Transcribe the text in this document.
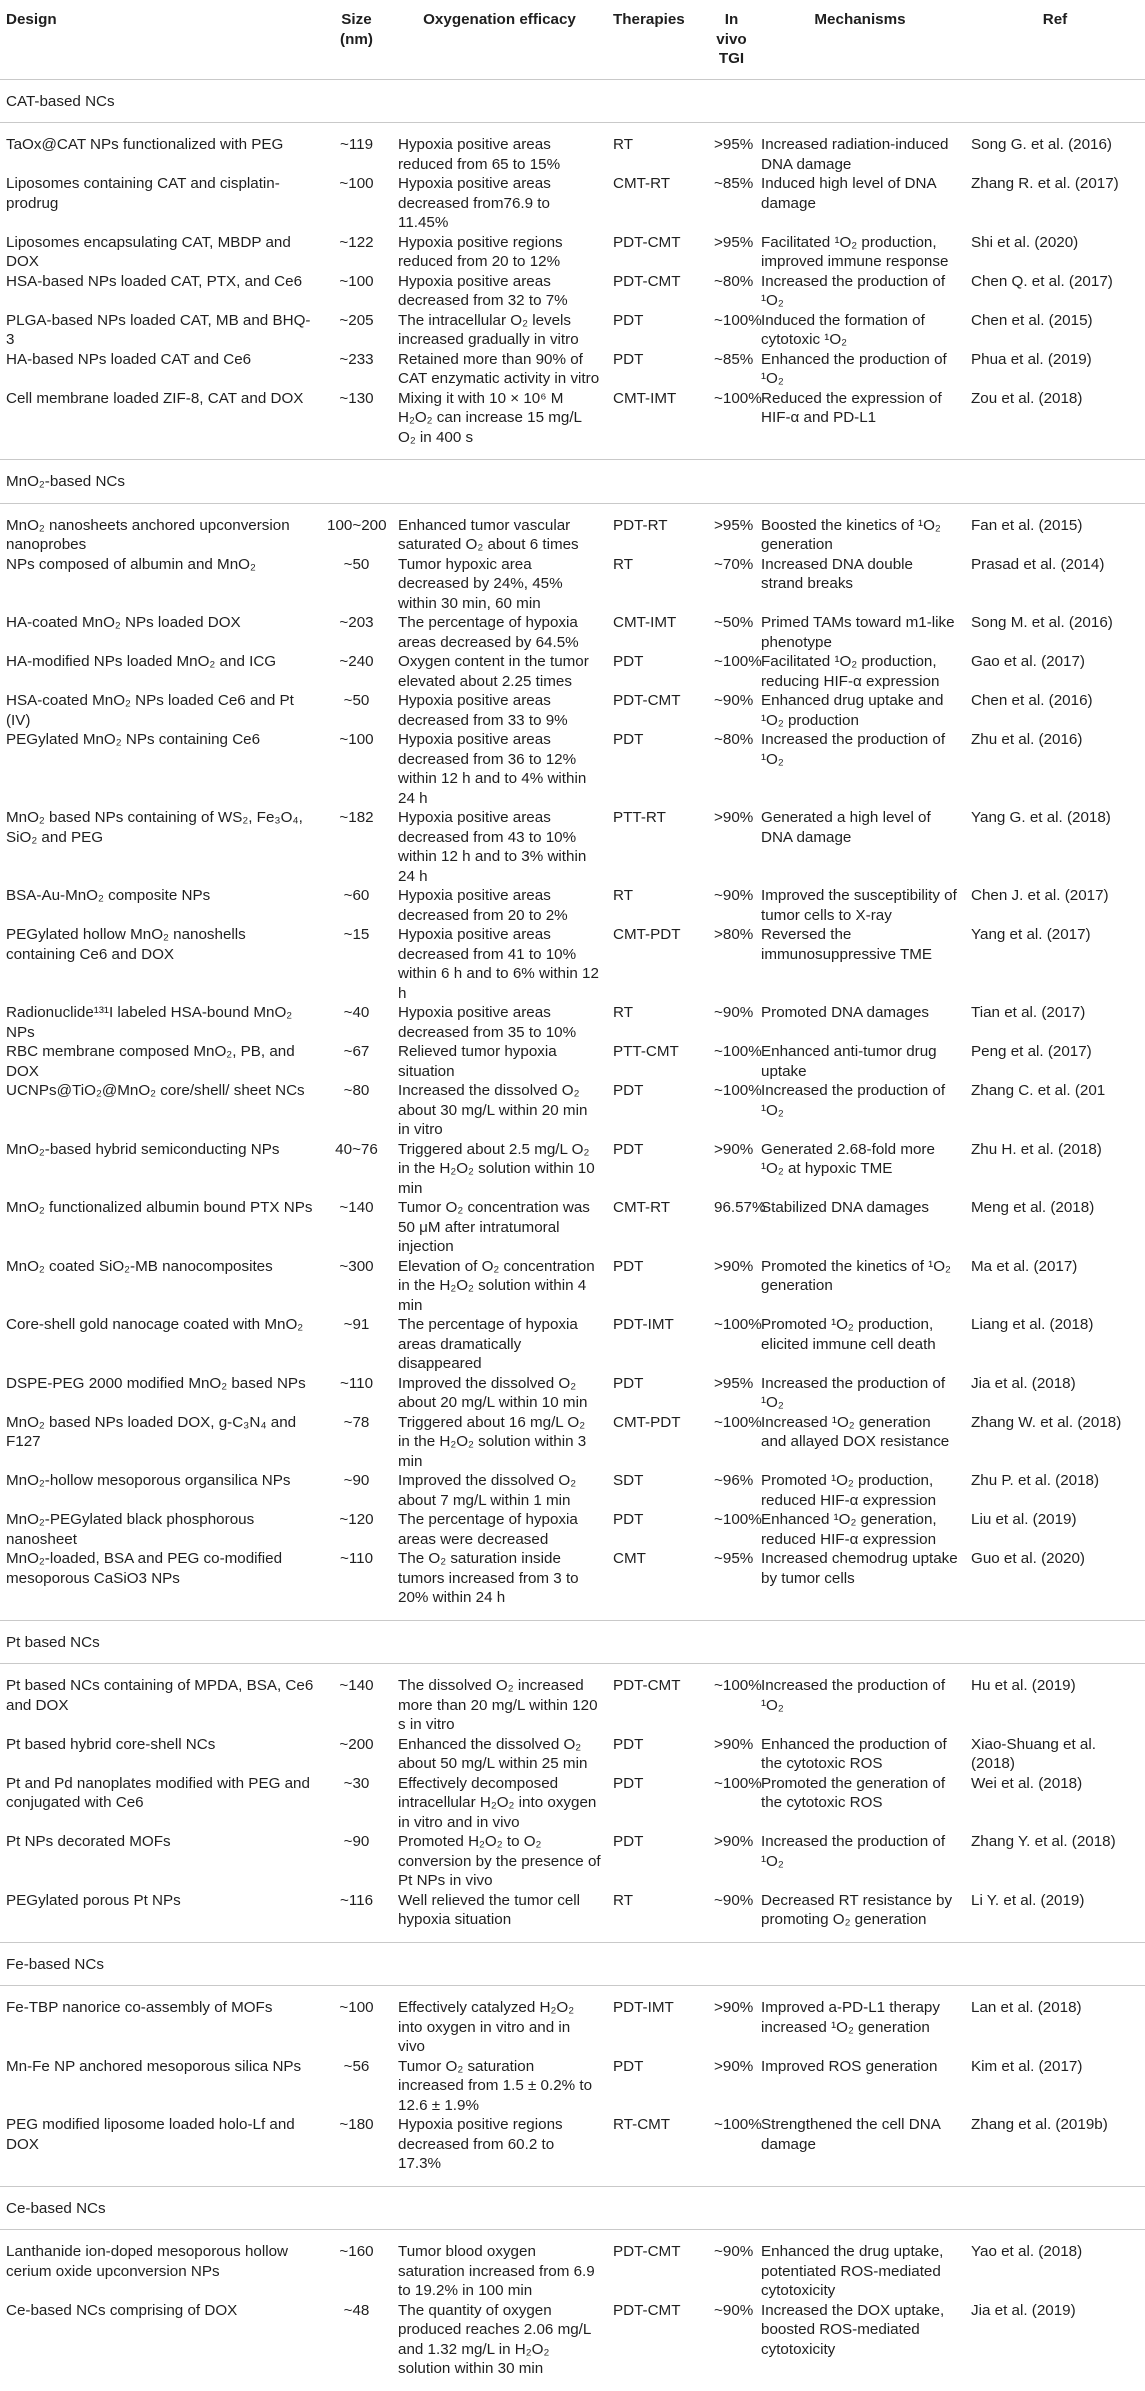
Design	Size (nm)	Oxygenation efficacy	Therapies	In vivo TGI	Mechanisms	Ref
CAT-based NCs						
TaOx@CAT NPs functionalized with PEG	~119	Hypoxia positive areas reduced from 65 to 15%	RT	>95%	Increased radiation-induced DNA damage	Song G. et al. (2016)
Liposomes containing CAT and cisplatin-prodrug	~100	Hypoxia positive areas decreased from76.9 to 11.45%	CMT-RT	~85%	Induced high level of DNA damage	Zhang R. et al. (2017)
Liposomes encapsulating CAT, MBDP and DOX	~122	Hypoxia positive regions reduced from 20 to 12%	PDT-CMT	>95%	Facilitated ¹O₂ production, improved immune response	Shi et al. (2020)
HSA-based NPs loaded CAT, PTX, and Ce6	~100	Hypoxia positive areas decreased from 32 to 7%	PDT-CMT	~80%	Increased the production of ¹O₂	Chen Q. et al. (2017)
PLGA-based NPs loaded CAT, MB and BHQ-3	~205	The intracellular O₂ levels increased gradually in vitro	PDT	~100%	Induced the formation of cytotoxic ¹O₂	Chen et al. (2015)
HA-based NPs loaded CAT and Ce6	~233	Retained more than 90% of CAT enzymatic activity in vitro	PDT	~85%	Enhanced the production of ¹O₂	Phua et al. (2019)
Cell membrane loaded ZIF-8, CAT and DOX	~130	Mixing it with 10 × 10⁶ M H₂O₂ can increase 15 mg/L O₂ in 400 s	CMT-IMT	~100%	Reduced the expression of HIF-α and PD-L1	Zou et al. (2018)
MnO₂-based NCs						
MnO₂ nanosheets anchored upconversion nanoprobes	100~200	Enhanced tumor vascular saturated O₂ about 6 times	PDT-RT	>95%	Boosted the kinetics of ¹O₂ generation	Fan et al. (2015)
NPs composed of albumin and MnO₂	~50	Tumor hypoxic area decreased by 24%, 45% within 30 min, 60 min	RT	~70%	Increased DNA double strand breaks	Prasad et al. (2014)
HA-coated MnO₂ NPs loaded DOX	~203	The percentage of hypoxia areas decreased by 64.5%	CMT-IMT	~50%	Primed TAMs toward m1-like phenotype	Song M. et al. (2016)
HA-modified NPs loaded MnO₂ and ICG	~240	Oxygen content in the tumor elevated about 2.25 times	PDT	~100%	Facilitated ¹O₂ production, reducing HIF-α expression	Gao et al. (2017)
HSA-coated MnO₂ NPs loaded Ce6 and Pt (IV)	~50	Hypoxia positive areas decreased from 33 to 9%	PDT-CMT	~90%	Enhanced drug uptake and ¹O₂ production	Chen et al. (2016)
PEGylated MnO₂ NPs containing Ce6	~100	Hypoxia positive areas decreased from 36 to 12% within 12 h and to 4% within 24 h	PDT	~80%	Increased the production of ¹O₂	Zhu et al. (2016)
MnO₂ based NPs containing of WS₂, Fe₃O₄, SiO₂ and PEG	~182	Hypoxia positive areas decreased from 43 to 10% within 12 h and to 3% within 24 h	PTT-RT	>90%	Generated a high level of DNA damage	Yang G. et al. (2018)
BSA-Au-MnO₂ composite NPs	~60	Hypoxia positive areas decreased from 20 to 2%	RT	~90%	Improved the susceptibility of tumor cells to X-ray	Chen J. et al. (2017)
PEGylated hollow MnO₂ nanoshells containing Ce6 and DOX	~15	Hypoxia positive areas decreased from 41 to 10% within 6 h and to 6% within 12 h	CMT-PDT	>80%	Reversed the immunosuppressive TME	Yang et al. (2017)
Radionuclide¹³¹I labeled HSA-bound MnO₂ NPs	~40	Hypoxia positive areas decreased from 35 to 10%	RT	~90%	Promoted DNA damages	Tian et al. (2017)
RBC membrane composed MnO₂, PB, and DOX	~67	Relieved tumor hypoxia situation	PTT-CMT	~100%	Enhanced anti-tumor drug uptake	Peng et al. (2017)
UCNPs@TiO₂@MnO₂ core/shell/ sheet NCs	~80	Increased the dissolved O₂ about 30 mg/L within 20 min in vitro	PDT	~100%	Increased the production of ¹O₂	Zhang C. et al. (201
MnO₂-based hybrid semiconducting NPs	40~76	Triggered about 2.5 mg/L O₂ in the H₂O₂ solution within 10 min	PDT	>90%	Generated 2.68-fold more ¹O₂ at hypoxic TME	Zhu H. et al. (2018)
MnO₂ functionalized albumin bound PTX NPs	~140	Tumor O₂ concentration was 50 μM after intratumoral injection	CMT-RT	96.57%	Stabilized DNA damages	Meng et al. (2018)
MnO₂ coated SiO₂-MB nanocomposites	~300	Elevation of O₂ concentration in the H₂O₂ solution within 4 min	PDT	>90%	Promoted the kinetics of ¹O₂ generation	Ma et al. (2017)
Core-shell gold nanocage coated with MnO₂	~91	The percentage of hypoxia areas dramatically disappeared	PDT-IMT	~100%	Promoted ¹O₂ production, elicited immune cell death	Liang et al. (2018)
DSPE-PEG 2000 modified MnO₂ based NPs	~110	Improved the dissolved O₂ about 20 mg/L within 10 min	PDT	>95%	Increased the production of ¹O₂	Jia et al. (2018)
MnO₂ based NPs loaded DOX, g-C₃N₄ and F127	~78	Triggered about 16 mg/L O₂ in the H₂O₂ solution within 3 min	CMT-PDT	~100%	Increased ¹O₂ generation and allayed DOX resistance	Zhang W. et al. (2018)
MnO₂-hollow mesoporous organsilica NPs	~90	Improved the dissolved O₂ about 7 mg/L within 1 min	SDT	~96%	Promoted ¹O₂ production, reduced HIF-α expression	Zhu P. et al. (2018)
MnO₂-PEGylated black phosphorous nanosheet	~120	The percentage of hypoxia areas were decreased	PDT	~100%	Enhanced ¹O₂ generation, reduced HIF-α expression	Liu et al. (2019)
MnO₂-loaded, BSA and PEG co-modified mesoporous CaSiO3 NPs	~110	The O₂ saturation inside tumors increased from 3 to 20% within 24 h	CMT	~95%	Increased chemodrug uptake by tumor cells	Guo et al. (2020)
Pt based NCs						
Pt based NCs containing of MPDA, BSA, Ce6 and DOX	~140	The dissolved O₂ increased more than 20 mg/L within 120 s in vitro	PDT-CMT	~100%	Increased the production of ¹O₂	Hu et al. (2019)
Pt based hybrid core-shell NCs	~200	Enhanced the dissolved O₂ about 50 mg/L within 25 min	PDT	>90%	Enhanced the production of the cytotoxic ROS	Xiao-Shuang et al. (2018)
Pt and Pd nanoplates modified with PEG and conjugated with Ce6	~30	Effectively decomposed intracellular H₂O₂ into oxygen in vitro and in vivo	PDT	~100%	Promoted the generation of the cytotoxic ROS	Wei et al. (2018)
Pt NPs decorated MOFs	~90	Promoted H₂O₂ to O₂ conversion by the presence of Pt NPs in vivo	PDT	>90%	Increased the production of ¹O₂	Zhang Y. et al. (2018)
PEGylated porous Pt NPs	~116	Well relieved the tumor cell hypoxia situation	RT	~90%	Decreased RT resistance by promoting O₂ generation	Li Y. et al. (2019)
Fe-based NCs						
Fe-TBP nanorice co-assembly of MOFs	~100	Effectively catalyzed H₂O₂ into oxygen in vitro and in vivo	PDT-IMT	>90%	Improved a-PD-L1 therapy increased ¹O₂ generation	Lan et al. (2018)
Mn-Fe NP anchored mesoporous silica NPs	~56	Tumor O₂ saturation increased from 1.5 ± 0.2% to 12.6 ± 1.9%	PDT	>90%	Improved ROS generation	Kim et al. (2017)
PEG modified liposome loaded holo-Lf and DOX	~180	Hypoxia positive regions decreased from 60.2 to 17.3%	RT-CMT	~100%	Strengthened the cell DNA damage	Zhang et al. (2019b)
Ce-based NCs						
Lanthanide ion-doped mesoporous hollow cerium oxide upconversion NPs	~160	Tumor blood oxygen saturation increased from 6.9 to 19.2% in 100 min	PDT-CMT	~90%	Enhanced the drug uptake, potentiated ROS-mediated cytotoxicity	Yao et al. (2018)
Ce-based NCs comprising of DOX	~48	The quantity of oxygen produced reaches 2.06 mg/L and 1.32 mg/L in H₂O₂ solution within 30 min	PDT-CMT	~90%	Increased the DOX uptake, boosted ROS-mediated cytotoxicity	Jia et al. (2019)
